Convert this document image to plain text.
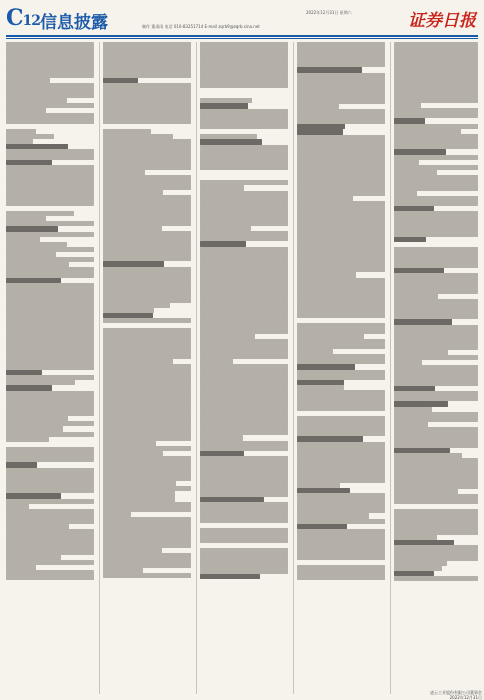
C12 信息披露
2022年12月31日 星期六
制作 董肃雨 电话 010-83251714 E-mail zqrb9@zqrb.sina.net	证券日报

凌云工业股份有限公司董事会
2022年12月31日
